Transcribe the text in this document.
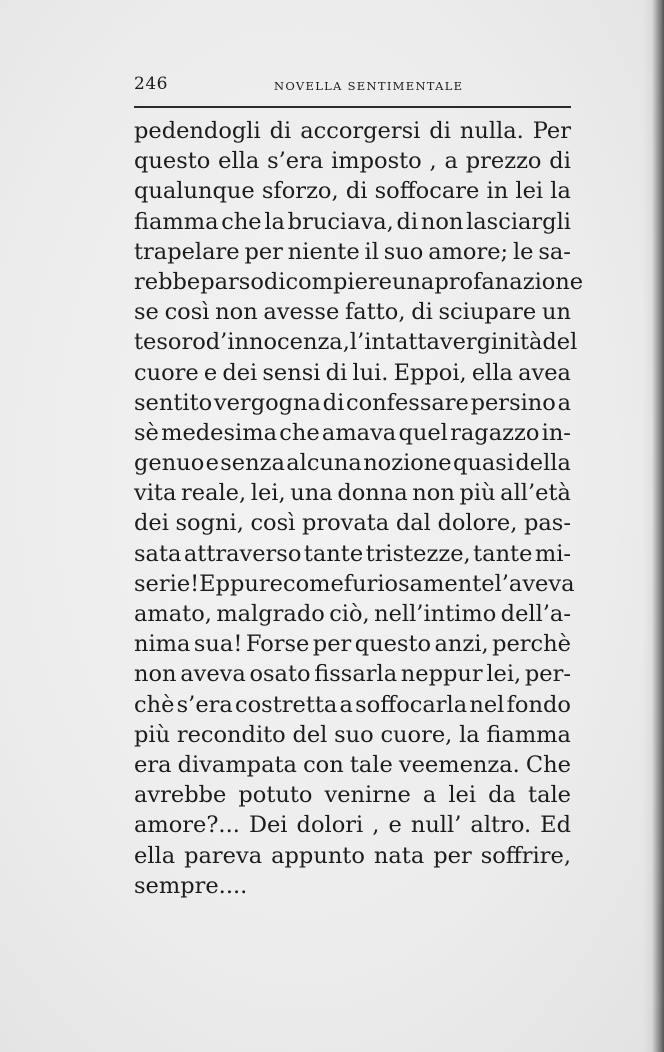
246	NOVELLA SENTIMENTALE
pedendogli di accorgersi di nulla. Per
questo ella s’era imposto , a prezzo di
qualunque sforzo, di soffocare in lei la
fiamma che la bruciava, di non lasciargli
trapelare per niente il suo amore; le sa-
rebbe parso di compiere una profanazione
se così non avesse fatto, di sciupare un
tesoro d’innocenza, l’intatta verginità del
cuore e dei sensi di lui. Eppoi, ella avea
sentito vergogna di confessare persino a
sè medesima che amava quel ragazzo in-
genuo e senza alcuna nozione quasi della
vita reale, lei, una donna non più all’età
dei sogni, così provata dal dolore, pas-
sata attraverso tante tristezze, tante mi-
serie! Eppure come furiosamente l’aveva
amato, malgrado ciò, nell’intimo dell’a-
nima sua! Forse per questo anzi, perchè
non aveva osato fissarla neppur lei, per-
chè s’era costretta a soffocarla nel fondo
più recondito del suo cuore, la fiamma
era divampata con tale veemenza. Che
avrebbe potuto venirne a lei da tale
amore?... Dei dolori , e null’ altro. Ed
ella pareva appunto nata per soffrire,
sempre....
